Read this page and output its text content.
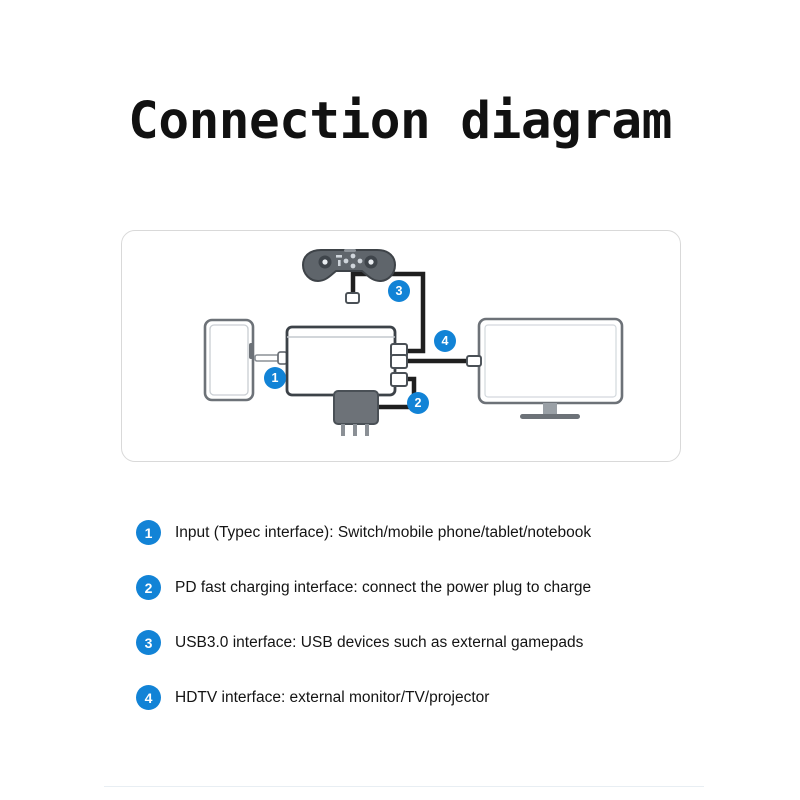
Connection diagram
1
2
3
4
1	Input (Typec interface): Switch/mobile phone/tablet/notebook
2	PD fast charging interface: connect the power plug to charge
3	USB3.0 interface: USB devices such as external gamepads
4	HDTV interface: external monitor/TV/projector
